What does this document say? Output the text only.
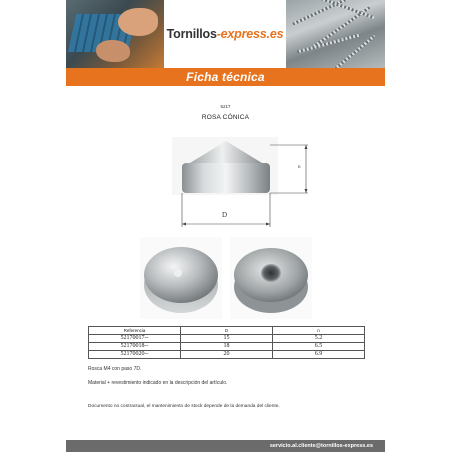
Tornillos-express.es
Ficha técnica
5217
ROSA CÓNICA
D
n
Referencia	D	n
52170017--	15	5.2
52170018--	18	6.5
52170020--	20	6.9
Rosca M4 con paso 7D.
Material + revestimiento indicado en la descripción del artículo.
Documento no contractual, el mantenimiento de stock depende de la demanda del cliente.
servicio.al.cliente@tornillos-express.es
